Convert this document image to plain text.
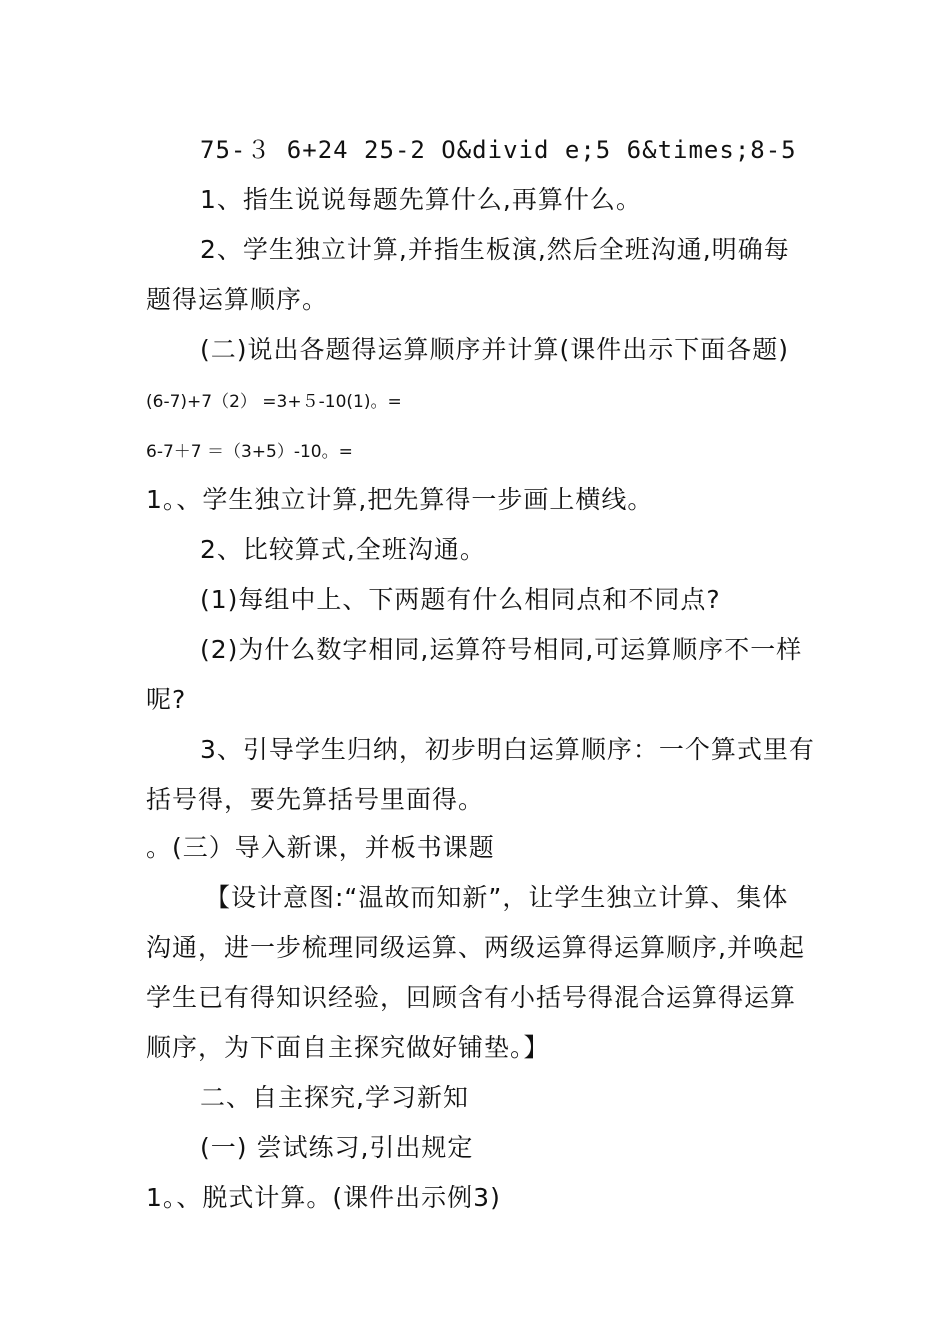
75-３ 6+24 25-2 O&divid e;5 6&times;8-5
1、指生说说每题先算什么,再算什么。
2、学生独立计算,并指生板演,然后全班沟通,明确每
题得运算顺序。
(二)说出各题得运算顺序并计算(课件出示下面各题)
(6-7)+7（2） =3+５-10(1)。=
6-7＋7 ＝（3+5）-10。=
1。、学生独立计算,把先算得一步画上横线。
2、比较算式,全班沟通。
(1)每组中上、下两题有什么相同点和不同点?
(2)为什么数字相同,运算符号相同,可运算顺序不一样
呢?
3、引导学生归纳，初步明白运算顺序：一个算式里有
括号得，要先算括号里面得。
。(三）导入新课，并板书课题
【设计意图:“温故而知新”，让学生独立计算、集体
沟通，进一步梳理同级运算、两级运算得运算顺序,并唤起
学生已有得知识经验，回顾含有小括号得混合运算得运算
顺序，为下面自主探究做好铺垫。】
二、自主探究,学习新知
(一) 尝试练习,引出规定
1。、脱式计算。(课件出示例3)
